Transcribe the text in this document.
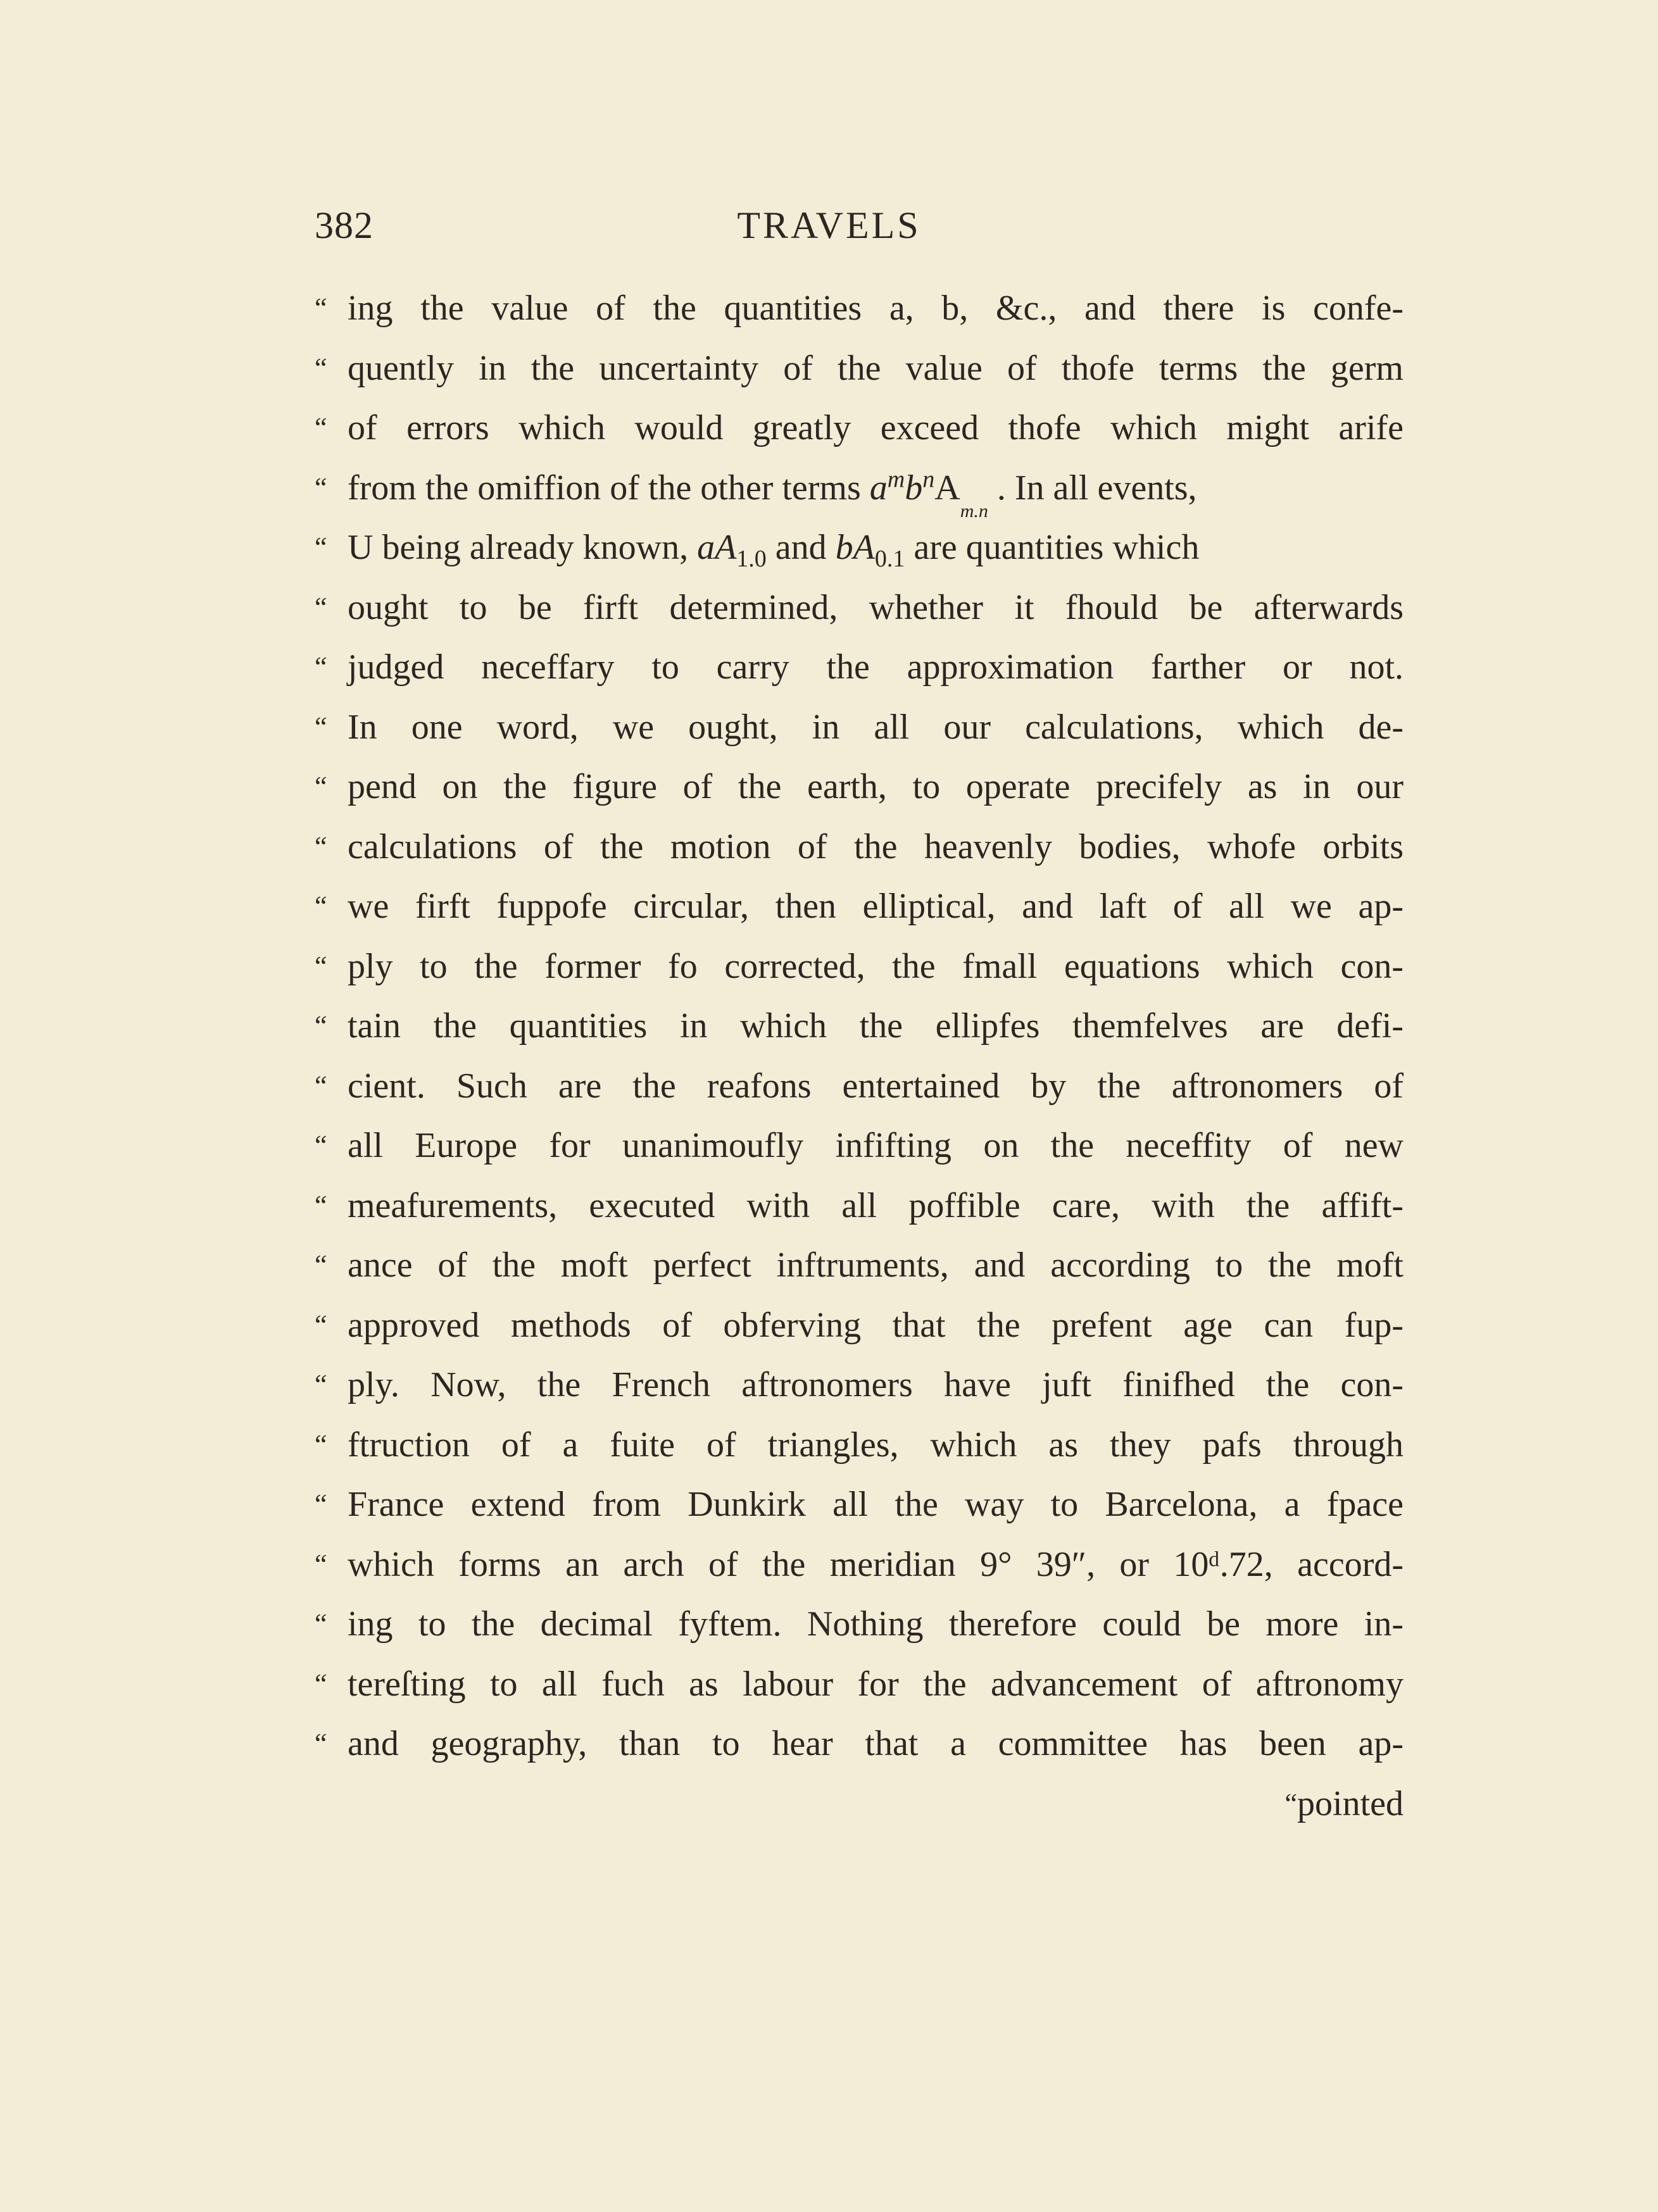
382	TRAVELS
“ ing the value of the quantities a, b, &c., and there is confe-
“ quently in the uncertainty of the value of thofe terms the germ
“ of errors which would greatly exceed thofe which might arife
“ from the omiffion of the other terms $a^mb^nA_{m.n}$ . In all events,
“ U being already known, $aA_{1.0}$ and $bA_{0.1}$ are quantities which
“ ought to be firft determined, whether it fhould be afterwards
“ judged neceffary to carry the approximation farther or not.
“ In one word, we ought, in all our calculations, which de-
“ pend on the figure of the earth, to operate precifely as in our
“ calculations of the motion of the heavenly bodies, whofe orbits
“ we firft fuppofe circular, then elliptical, and laft of all we ap-
“ ply to the former fo corrected, the fmall equations which con-
“ tain the quantities in which the ellipfes themfelves are defi-
“ cient. Such are the reafons entertained by the aftronomers of
“ all Europe for unanimoufly infifting on the neceffity of new
“ meafurements, executed with all poffible care, with the affift-
“ ance of the moft perfect inftruments, and according to the moft
“ approved methods of obferving that the prefent age can fup-
“ ply. Now, the French aftronomers have juft finifhed the con-
“ ftruction of a fuite of triangles, which as they pafs through
“ France extend from Dunkirk all the way to Barcelona, a fpace
“ which forms an arch of the meridian 9° 39″, or 10ᵈ.72, accord-
“ ing to the decimal fyftem. Nothing therefore could be more in-
“ tereſting to all fuch as labour for the advancement of aftronomy
“ and geography, than to hear that a committee has been ap-
“pointed
